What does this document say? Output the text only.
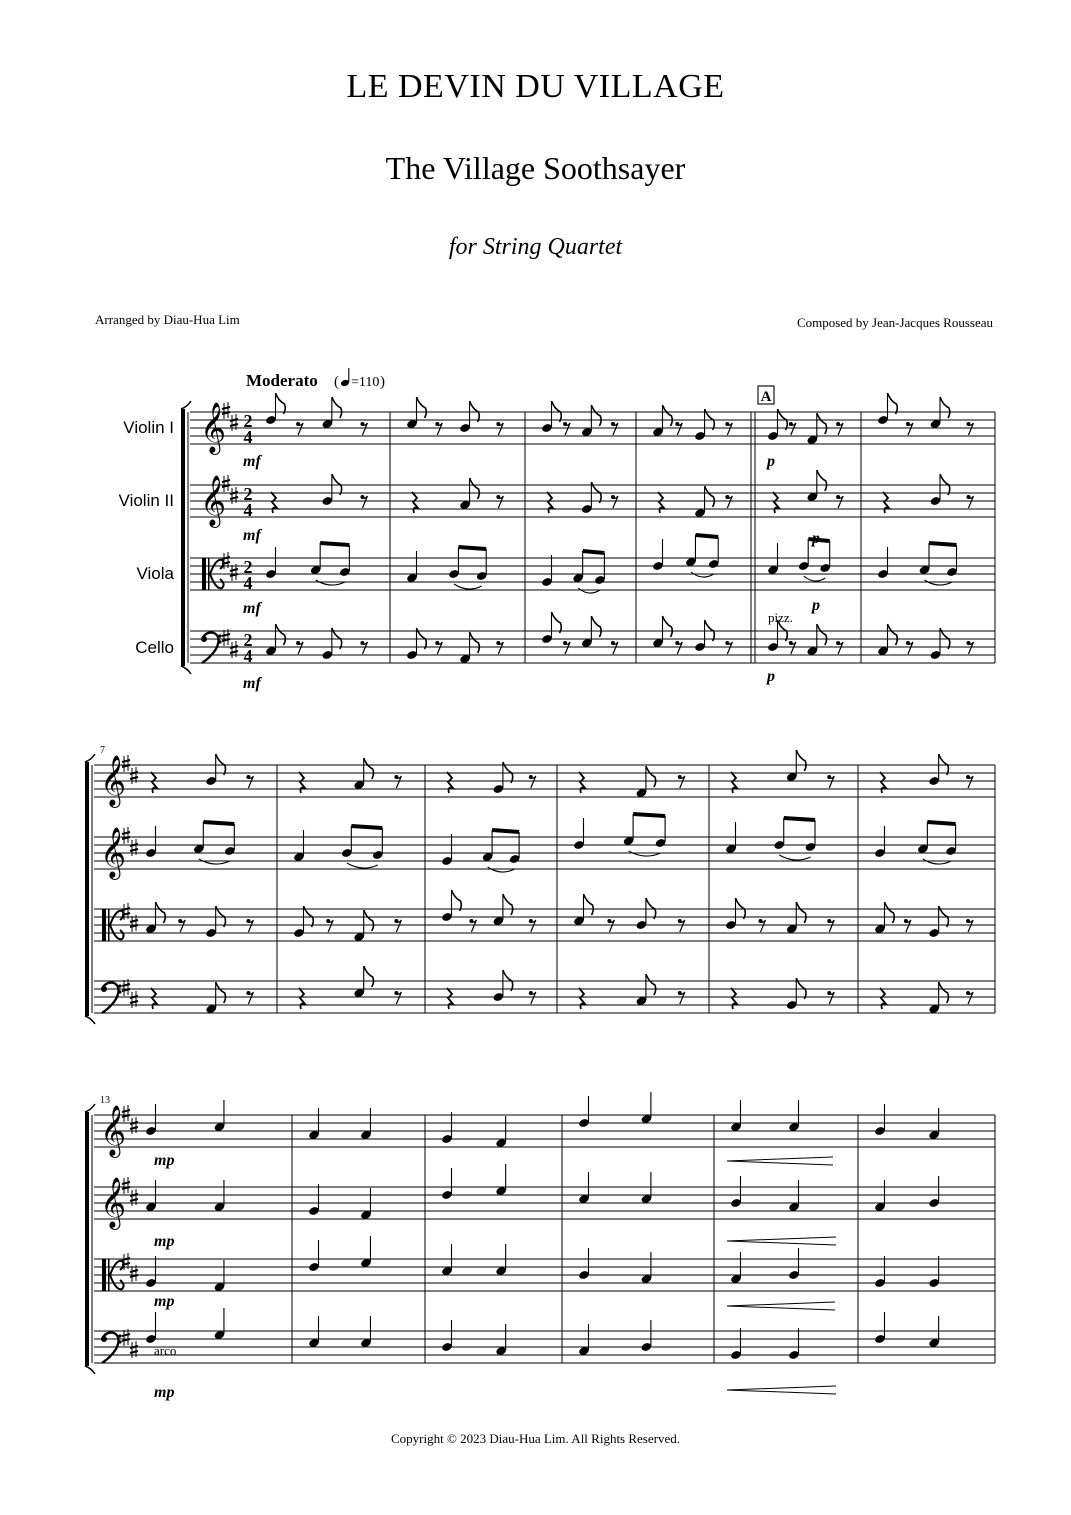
LE DEVIN DU VILLAGE
The Village Soothsayer
for String Quartet
Arranged by Diau-Hua Lim	Composed by Jean-Jacques Rousseau
𝄞 2
4
𝄞 2
4
2
4
2
4
𝄞
𝄞
𝄞
𝄞
Violin I
Violin II
Viola
Cello
Moderato ( =110 )
A
7
13
pizz.
arco
mf
mf
mf
mf
p
p
p
p
mp
mp
mp
mp
Copyright © 2023 Diau-Hua Lim. All Rights Reserved.
